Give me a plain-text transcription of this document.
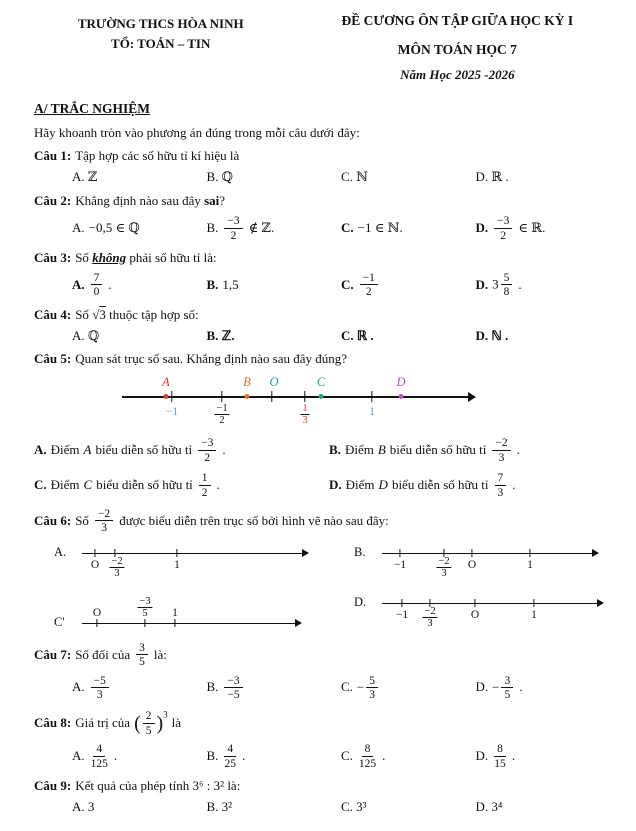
TRƯỜNG THCS HÒA NINH
TỔ: TOÁN – TIN
ĐỀ CƯƠNG ÔN TẬP GIỮA HỌC KỲ I
MÔN TOÁN HỌC 7
Năm Học 2025 -2026
A/ TRẮC NGHIỆM
Hãy khoanh tròn vào phương án đúng trong mỗi câu dưới đây:
Câu 1: Tập hợp các số hữu tỉ kí hiệu là
A. ℤ	B. ℚ	C. ℕ	D. ℝ .
Câu 2: Khẳng định nào sau đây sai?
A. −0,5 ∈ ℚ	B. $\frac{-3}{2}$ ∉ ℤ.	C. −1 ∈ ℕ.	D. $\frac{-3}{2}$ ∈ ℝ.
Câu 3: Số không phải số hữu tỉ là:
A. $\frac{7}{0}$ .	B. 1,5	C. $\frac{-1}{2}$	D. $3 \frac{5}{8}$ .
Câu 4: Số √3 thuộc tập hợp số:
A. ℚ	B. ℤ.	C. ℝ .	D. ℕ .
Câu 5: Quan sát trục số sau. Khẳng định nào sau đây đúng?
A	B O	C	D
−1	$\frac{-1}{2}$	$\frac{1}{3}$	1
A. Điểm A biểu diễn số hữu tỉ $\frac{-3}{2}$ .	B. Điểm B biểu diễn số hữu tỉ $\frac{-2}{3}$ .
C. Điểm C biểu diễn số hữu tỉ $\frac{1}{2}$ .	D. Điểm D biểu diễn số hữu tỉ $\frac{7}{3}$ .
Câu 6: Số $\frac{-2}{3}$ được biểu diễn trên trục số bởi hình vẽ nào sau đây:
A.
O $\frac{-2}{3}$	1
B.
−1	$\frac{-2}{3}$ O	1
C'
O	$\frac{-3}{5} 1$
D.
$-1 \frac{-2}{3}$	O	1
Câu 7: Số đối của $\frac{3}{5}$ là:
A. $\frac{-5}{3}$	B. $\frac{-3}{-5}$	C. − $\frac{5}{3}$	D. − $\frac{3}{5}$ .
Câu 8: Giá trị của ( $\frac{2}{5} )^3$
là
A. $\frac{4}{125}$ .	B. $\frac{4}{25}$ .	C. $\frac{8}{125}$ .	D. $\frac{8}{15}$ .
Câu 9: Kết quả của phép tính 3⁶ : 3² là:
A. 3	B. 3²	C. 3³	D. 3⁴
